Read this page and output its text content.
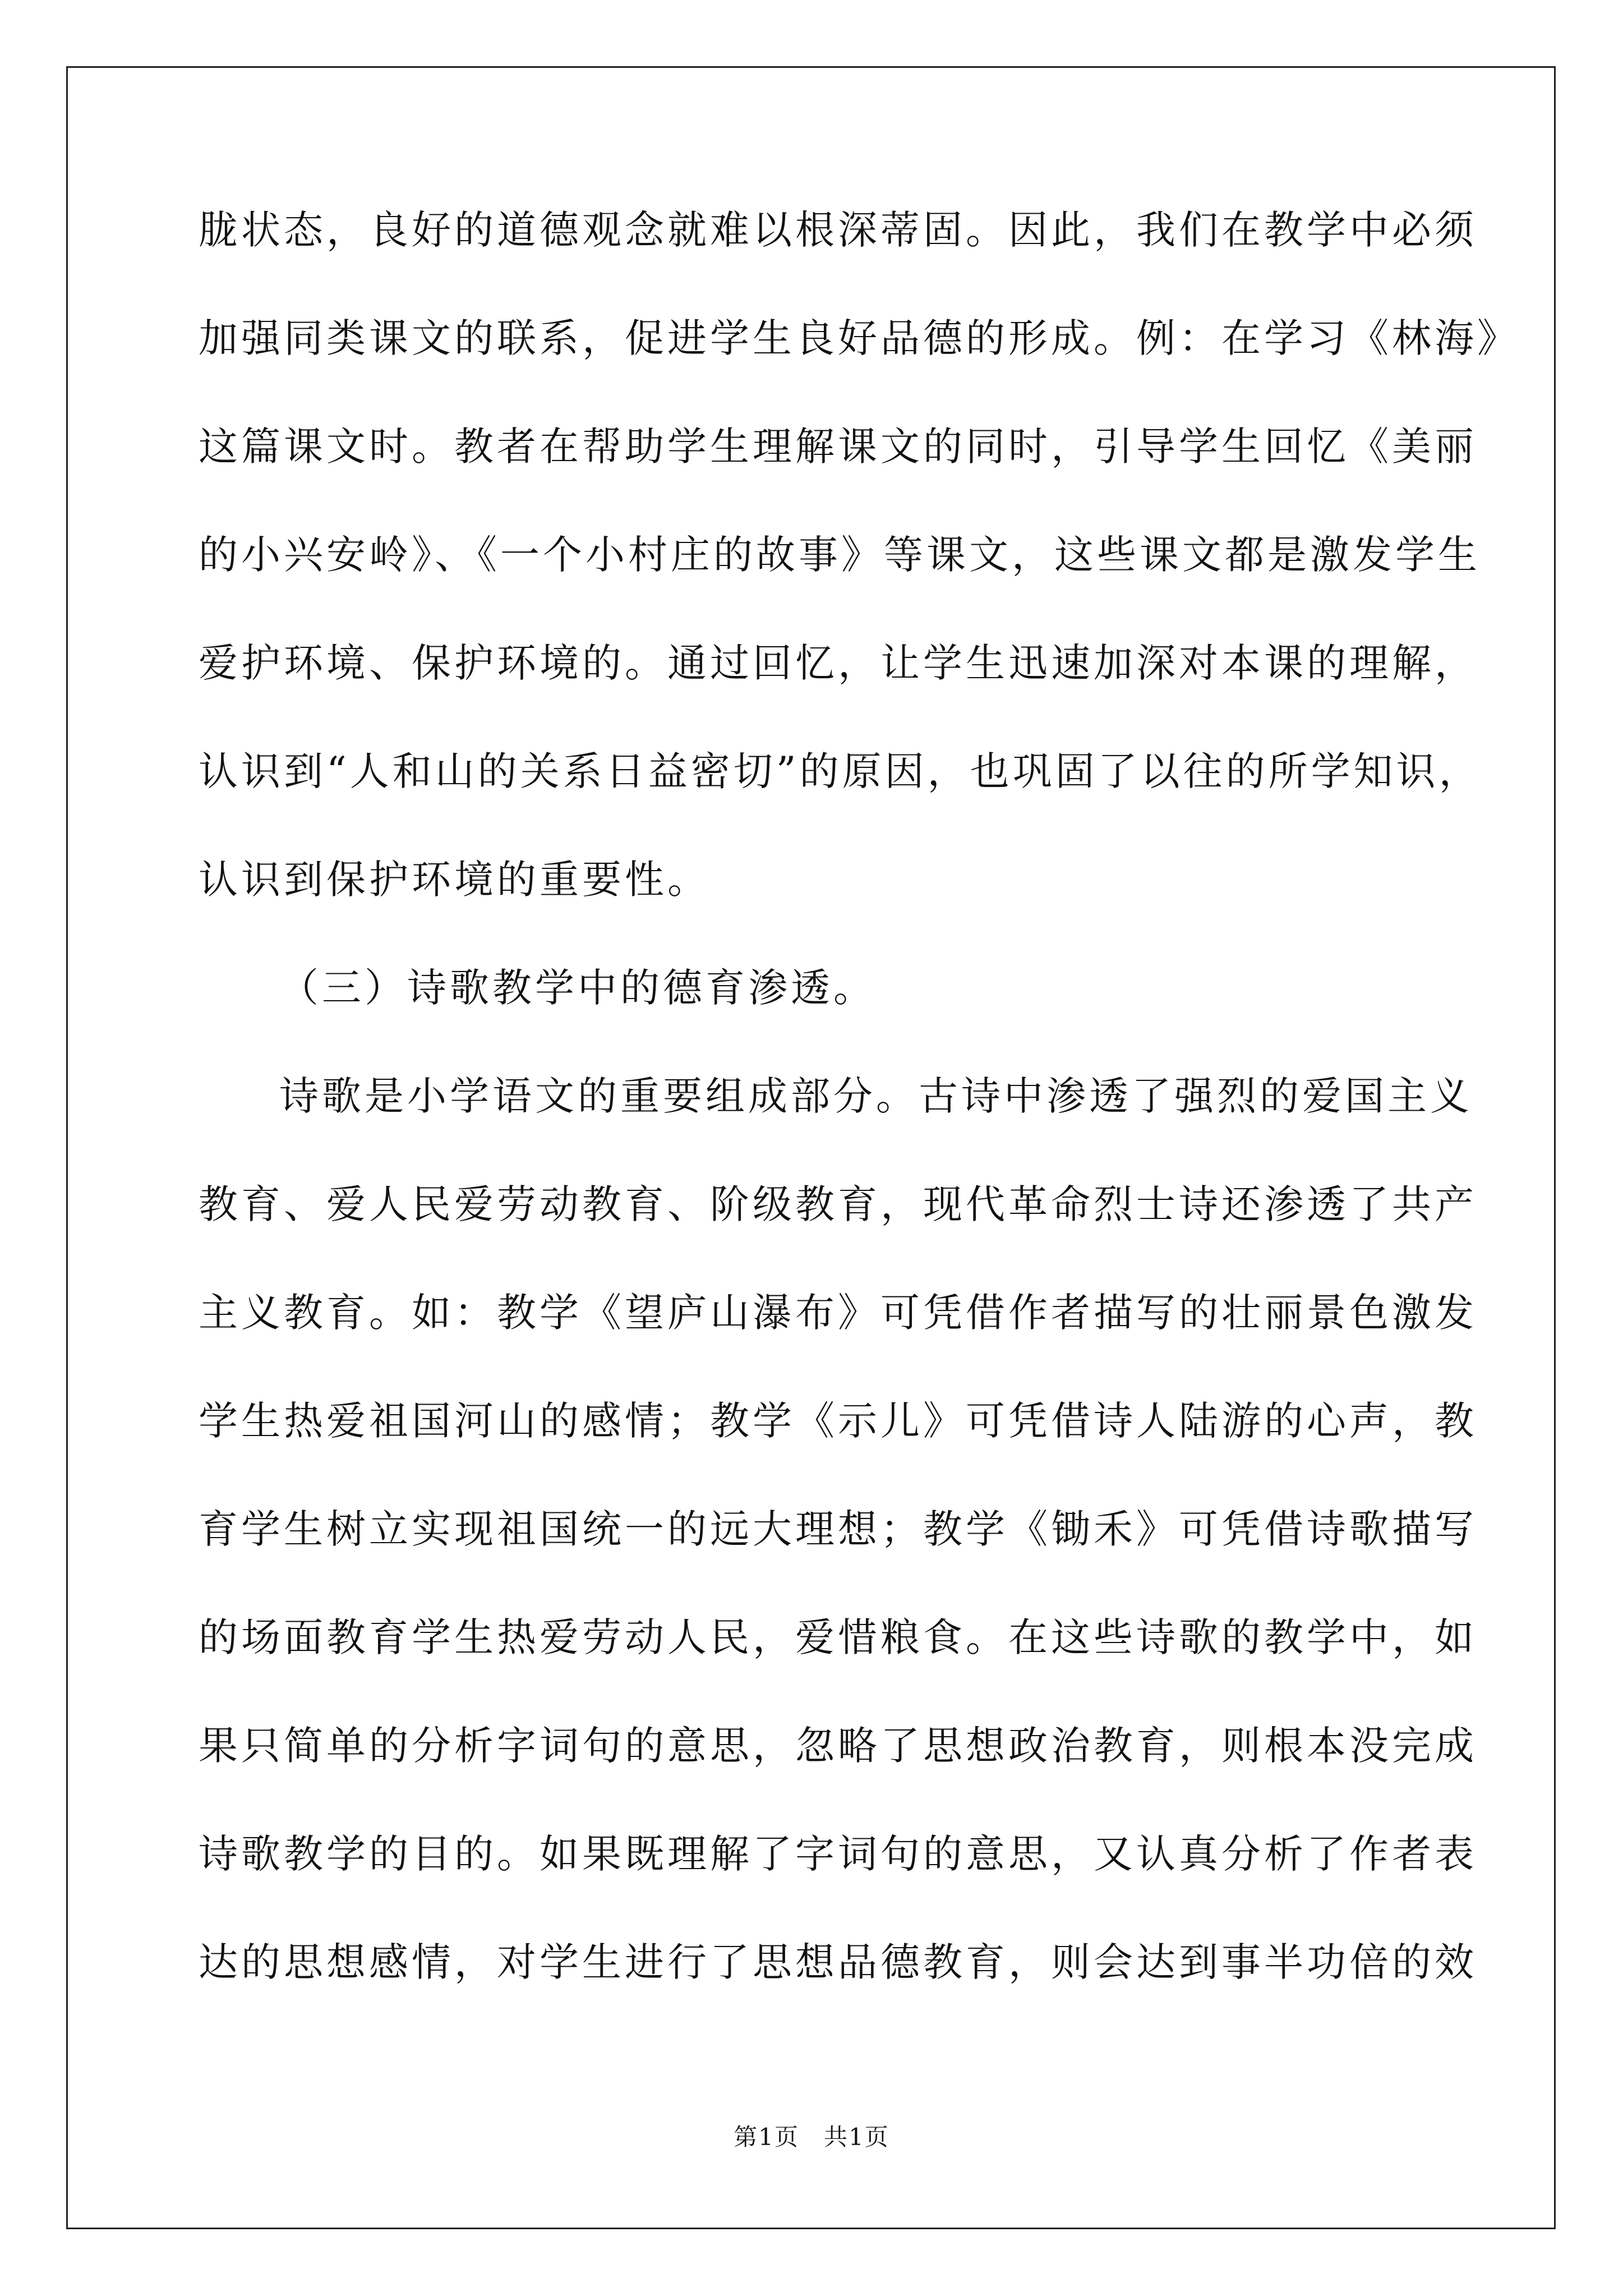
胧状态，良好的道德观念就难以根深蒂固。因此，我们在教学中必须
加强同类课文的联系，促进学生良好品德的形成。例：在学习《林海》
这篇课文时。教者在帮助学生理解课文的同时，引导学生回忆《美丽
的小兴安岭》、《一个小村庄的故事》等课文，这些课文都是激发学生
爱护环境、保护环境的。通过回忆，让学生迅速加深对本课的理解，
认识到“人和山的关系日益密切”的原因，也巩固了以往的所学知识，
认识到保护环境的重要性。
（三）诗歌教学中的德育渗透。
诗歌是小学语文的重要组成部分。古诗中渗透了强烈的爱国主义
教育、爱人民爱劳动教育、阶级教育，现代革命烈士诗还渗透了共产
主义教育。如：教学《望庐山瀑布》可凭借作者描写的壮丽景色激发
学生热爱祖国河山的感情；教学《示儿》可凭借诗人陆游的心声，教
育学生树立实现祖国统一的远大理想；教学《锄禾》可凭借诗歌描写
的场面教育学生热爱劳动人民，爱惜粮食。在这些诗歌的教学中，如
果只简单的分析字词句的意思，忽略了思想政治教育，则根本没完成
诗歌教学的目的。如果既理解了字词句的意思，又认真分析了作者表
达的思想感情，对学生进行了思想品德教育，则会达到事半功倍的效
第1页　共1页
